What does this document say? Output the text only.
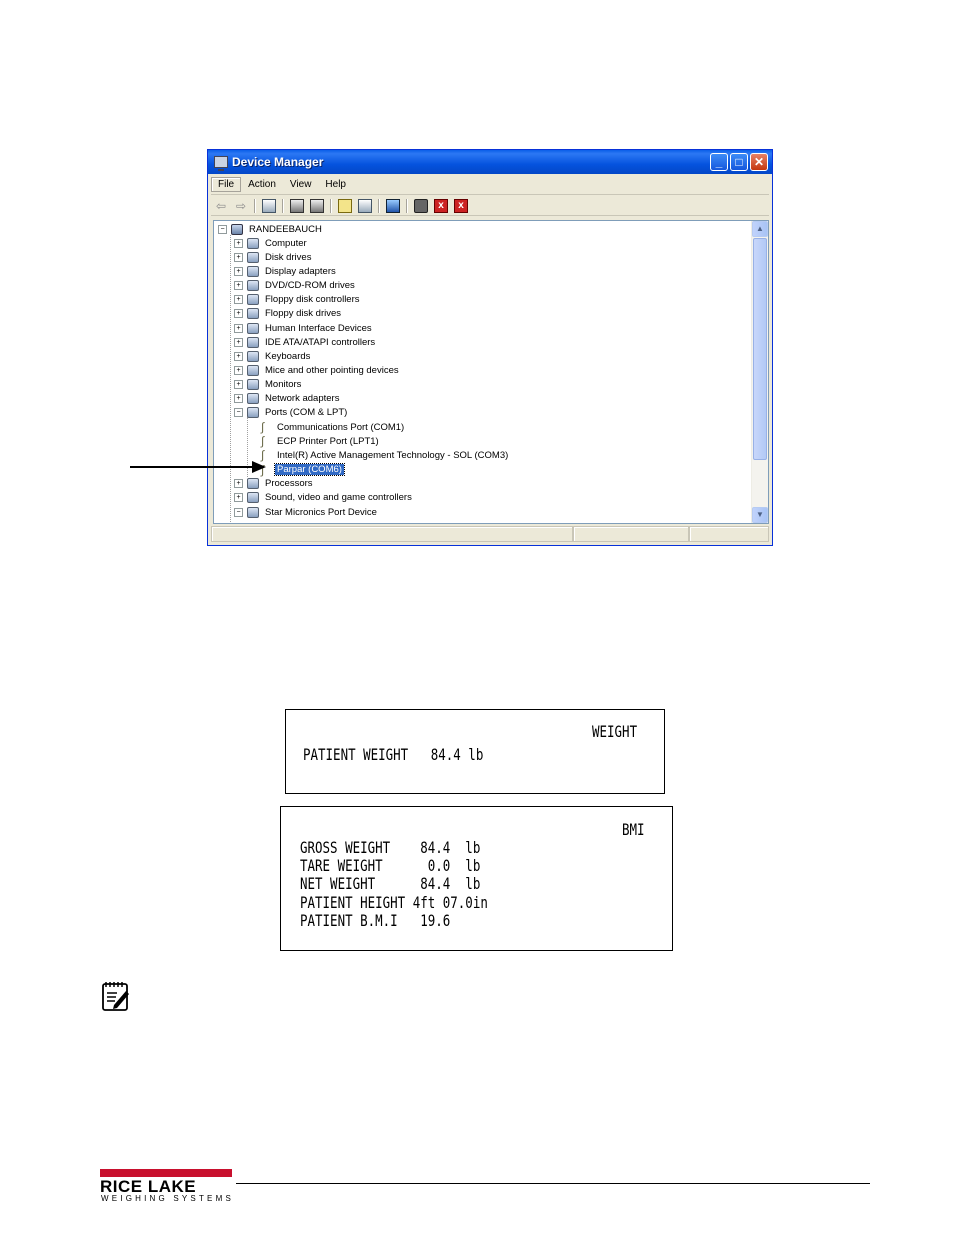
Device Manager	_	□ ✕
File	Action	View	Help
⇦ ⇨	x	x
−	RANDEEBAUCH
+	Computer
+	Disk drives
+	Display adapters
+	DVD/CD-ROM drives
+	Floppy disk controllers
+	Floppy disk drives
+	Human Interface Devices
+	IDE ATA/ATAPI controllers
+	Keyboards
+	Mice and other pointing devices
+	Monitors
+	Network adapters
−	Ports (COM & LPT)
∫	Communications Port (COM1)
∫	ECP Printer Port (LPT1)
∫	Intel(R) Active Management Technology - SOL (COM3)
∫	Parpar (COM6)
+	Processors
+	Sound, video and game controllers
−	Star Micronics Port Device
▲
▼
WEIGHT
PATIENT WEIGHT   84.4 lb
BMI
GROSS WEIGHT    84.4  lb
TARE WEIGHT      0.0  lb
NET WEIGHT      84.4  lb
PATIENT HEIGHT 4ft 07.0in
PATIENT B.M.I   19.6
RICE LAKE
WEIGHING SYSTEMS
